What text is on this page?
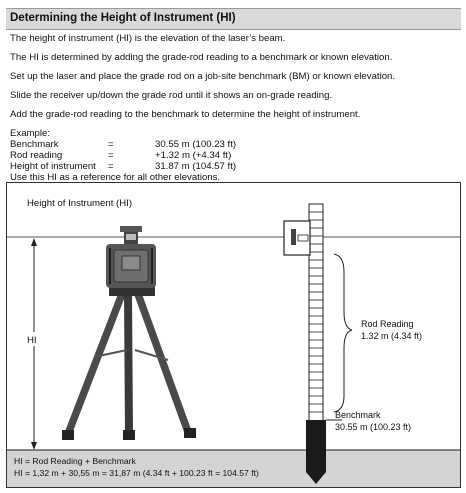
Determining the Height of Instrument (HI)
The height of instrument (HI) is the elevation of the laser’s beam.
The HI is determined by adding the grade-rod reading to a benchmark or known elevation.
Set up the laser and place the grade rod on a job-site benchmark (BM) or known elevation.
Slide the receiver up/down the grade rod until it shows an on-grade reading.
Add the grade-rod reading to the benchmark to determine the height of instrument.
Example:
Benchmark	=	30.55 m (100.23 ft)
Rod reading	=	+1.32 m (+4.34 ft)
Height of instrument =	31.87 m (104.57 ft)
Use this HI as a reference for all other elevations.
Height of Instrument (HI)
HI
Rod Reading
1.32 m (4.34 ft)
Benchmark
30.55 m (100.23 ft)
HI = Rod Reading + Benchmark
HI = 1,32 m + 30,55 m = 31,87 m (4.34 ft + 100.23 ft = 104.57 ft)
